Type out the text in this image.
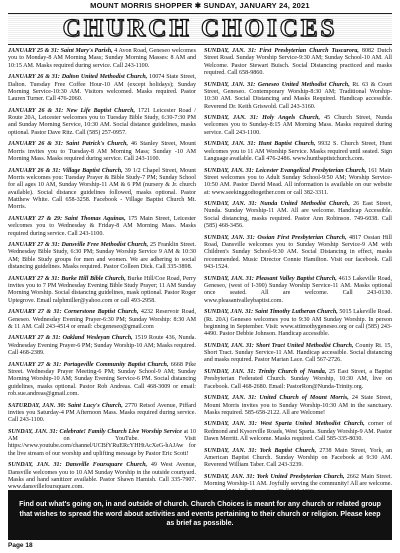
MOUNT MORRIS SHOPPER ✱ SUNDAY, JANUARY 24, 2021
CHURCH CHOICES

JANUARY 25 & 31: Saint Mary's Parish, 4 Avon Road, Geneseo welcomes you to Monday-8 AM Morning Mass; Sunday Morning Masses: 8 AM and 10:15 AM. Masks required during service. Call 243-1100.

JANUARY 26 & 31: Dalton United Methodist Church, 10074 State Street, Dalton. Tuesday Free Coffee Hour-10 AM (except holidays); Sunday Morning Service-10:30 AM. Visitors welcomed. Masks required. Pastor Lauren Turner. Call 476-2060.

JANUARY 26 & 31: New Life Baptist Church, 1721 Leicester Road / Route 20A, Leicester welcomes you to Tuesday Bible Study, 6:30-7:30 PM and Sunday Morning Service, 10:30 AM. Social distance guidelines, masks optional. Pastor Dave Ritz. Call (585) 257-0957.

JANUARY 26 & 31: Saint Patrick's Church, 46 Stanley Street, Mount Morris invites you to Tuesday-8 AM Morning Mass; Sunday -10 AM Morning Mass. Masks required during service. Call 243-1100.

JANUARY 26 & 31: Village Baptist Church, 39 1/2 Chapel Street, Mount Morris welcomes you: Tuesday Prayer & Bible Study-7 PM; Sunday School for all ages 10 AM, Sunday Worship-11 AM & 6 PM (nursery & Jr. church available). Social distance guidelines followed, masks optional. Pastor Matthew White. Call 658-3258. Facebook - Village Baptist Church Mt. Morris.

JANUARY 27 & 29: Saint Thomas Aquinas, 175 Main Street, Leicester welcomes you to Wednesday & Friday-8 AM Morning Mass. Masks required during service. Call 243-1100.

JANUARY 27 & 31: Dansville Free Methodist Church, 25 Franklin Street. Wednesday Bible Study, 6:30 PM; Sunday Worship Service 9 AM & 10:30 AM; Bible Study groups for men and women. We are adhering to social distancing guidelines. Masks required. Pastor Colleen Dick. Call 335-3898.

JANUARY 27 & 31: Burke Hill Bible Church, Burke Hill/Coe Road, Perry invites you to 7 PM Wednesday Evening Bible Study Prayer; 11 AM Sunday Morning Worship. Social distancing guidelines, mask optional. Pastor Roger Uptegrove. Email ralphmiller@yahoo.com or call 493-2958.

JANUARY 27 & 31: Cornerstone Baptist Church, 4232 Reservoir Road, Geneseo. Wednesday Evening Prayer-6:30 PM; Sunday Worship: 8:30 AM & 11 AM. Call 243-4514 or email: cbcgeneseo@gmail.com

JANUARY 27 & 31: Oakland Wesleyan Church, 1519 Route 436, Nunda. Wednesday Evening Prayer-6 PM; Sunday Worship-10 AM; Masks required. Call 468-2389.

JANUARY 27 & 31: Portageville Community Baptist Church, 6668 Pike Street. Wednesday Prayer Meeting-6 PM; Sunday School-9 AM; Sunday Morning Worship-10 AM; Sunday Evening Service-6 PM. Social distancing guidelines, masks optional. Pastor Rob Andreas. Call 468-3009 or email: rob.sue.andreas@gmail.com.

SATURDAY, JAN. 30: Saint Lucy's Church, 2770 Retsof Avenue, Piffard invites you Saturday-4 PM Afternoon Mass. Masks required during service. Call 243-1100.

SUNDAY, JAN. 31: Celebrate! Family Church Live Worship Service at 10 AM on YouTube. Visit https://www.youtube.com/channel/UCBfYRuERcYHHtAcXeG-hAJAw for the live stream of our worship and uplifting message by Pastor Eric Scott!

SUNDAY, JAN. 31: Dansville Foursquare Church, 49 West Avenue, Dansville welcomes you to 10 AM Sunday Worship in the outside courtyard. Masks and hand sanitizer available. Pastor Shawn Hamish. Call 335-7907. www.dansvillefoursquare.com.

SUNDAY, JAN. 31: First Presbyterian Church Tuscarora, 8082 Dutch Street Road. Sunday Worship Service-9:30 AM; Sunday School-10 AM. All Welcome. Pastor Stewart Buisch. Social Distancing practiced and masks required. Call 658-9860.

SUNDAY, JAN. 31: Geneseo United Methodist Church, Rt. 63 & Court Street, Geneseo. Contemporary Worship-8:30 AM; Traditional Worship-10:30 AM. Social Distancing and Masks Required. Handicap accessible. Reverend Dr. Keith Griswold. Call 243-3160.

SUNDAY, JAN. 31: Holy Angels Church, 45 Church Street, Nunda welcomes you to Sunday-8:15 AM Morning Mass. Masks required during service. Call 243-1100.

SUNDAY, JAN. 31: Hunt Baptist Church, 9932 S. Church Street, Hunt welcomes you to 11 AM Worship Service. Masks required until seated. Sign Language available. Call 476-2486. www.huntbaptistchurch.com.

SUNDAY, JAN. 31: Leicester Evangelical Presbyterian Church, 161 Main Street welcomes you to Adult Sunday School-9:50 AM; Worship Service-10:50 AM. Pastor David Mead. All information is available on our website at: www.seekinggodtogether.com or call 382-3311.

SUNDAY, JAN. 31: Nunda United Methodist Church, 26 East Street, Nunda. Sunday Worship-11 AM. All are welcome. Handicap Accessible. Social distancing, masks required. Pastor Ann Robinson. 749-6038. Call (585) 468-3456.

SUNDAY, JAN. 31: Ossian First Presbyterian Church, 4817 Ossian Hill Road, Dansville welcomes you to Sunday Worship Service-9 AM with Children's Sunday School-9:30 AM. Social Distancing in effect, masks recommended. Music Director Connie Hamilton. Visit our facebook. Call 943-1524.

SUNDAY, JAN. 31: Pleasant Valley Baptist Church, 4613 Lakeville Road, Geneseo, (west of I-390) Sunday Worship Service-11 AM. Masks optional once seated. All are welcome. Call 243-0130. www.pleasantvalleybaptist.com.

SUNDAY, JAN. 31: Saint Timothy Lutheran Church, 5015 Lakeville Road. (Rt. 20A) Geneseo welcomes you to 9:30 AM Sunday Worship. In person beginning in September. Visit: www.sttimothygeneseo.org or call (585) 243-4490. Pastor Debbie Johnson. Handicap accessible.

SUNDAY, JAN. 31: Short Tract United Methodist Church, County Rt. 15, Short Tract. Sunday Service-11 AM. Handicap accessible. Social distancing and masks required. Pastor Marian Lace. Call 567-2726.

SUNDAY, JAN. 31: Trinity Church of Nunda, 25 East Street, a Baptist Presbyterian Federated Church. Sunday Worship, 10:30 AM, live on Facebook. Call 468-2680. Email: PastorRon@Nunda-Trinity.org.

SUNDAY, JAN. 31: United Church of Mount Morris, 24 State Street, Mount Morris invites you to Sunday Worship-10:30 AM in the sanctuary. Masks required. 585-658-2122. All are Welcome!

SUNDAY, JAN. 31: West Sparta United Methodist Church, corner of Redmond and Kysorville Roads, West Sparta. Sunday Worship-9 AM. Pastor Dawn Merritt. All welcome. Masks required. Call 585-335-8030.

SUNDAY, JAN. 31: York Baptist Church, 2738 Main Street, York, an American Baptist Church. Sunday Worship on Facebook at 9:30 AM. Reverend William Taber. Call 243-3239.

SUNDAY, JAN. 31: York United Presbyterian Church, 2662 Main Street. Morning Worship-11 AM. Joyfully serving the community! All are welcome.

Find out what's going on, in and outside of church. Church Choices is meant for any church or related group that wishes to spread the word about activities and events pertaining to their church or religion. Please keep as brief as possible.
Page 18
